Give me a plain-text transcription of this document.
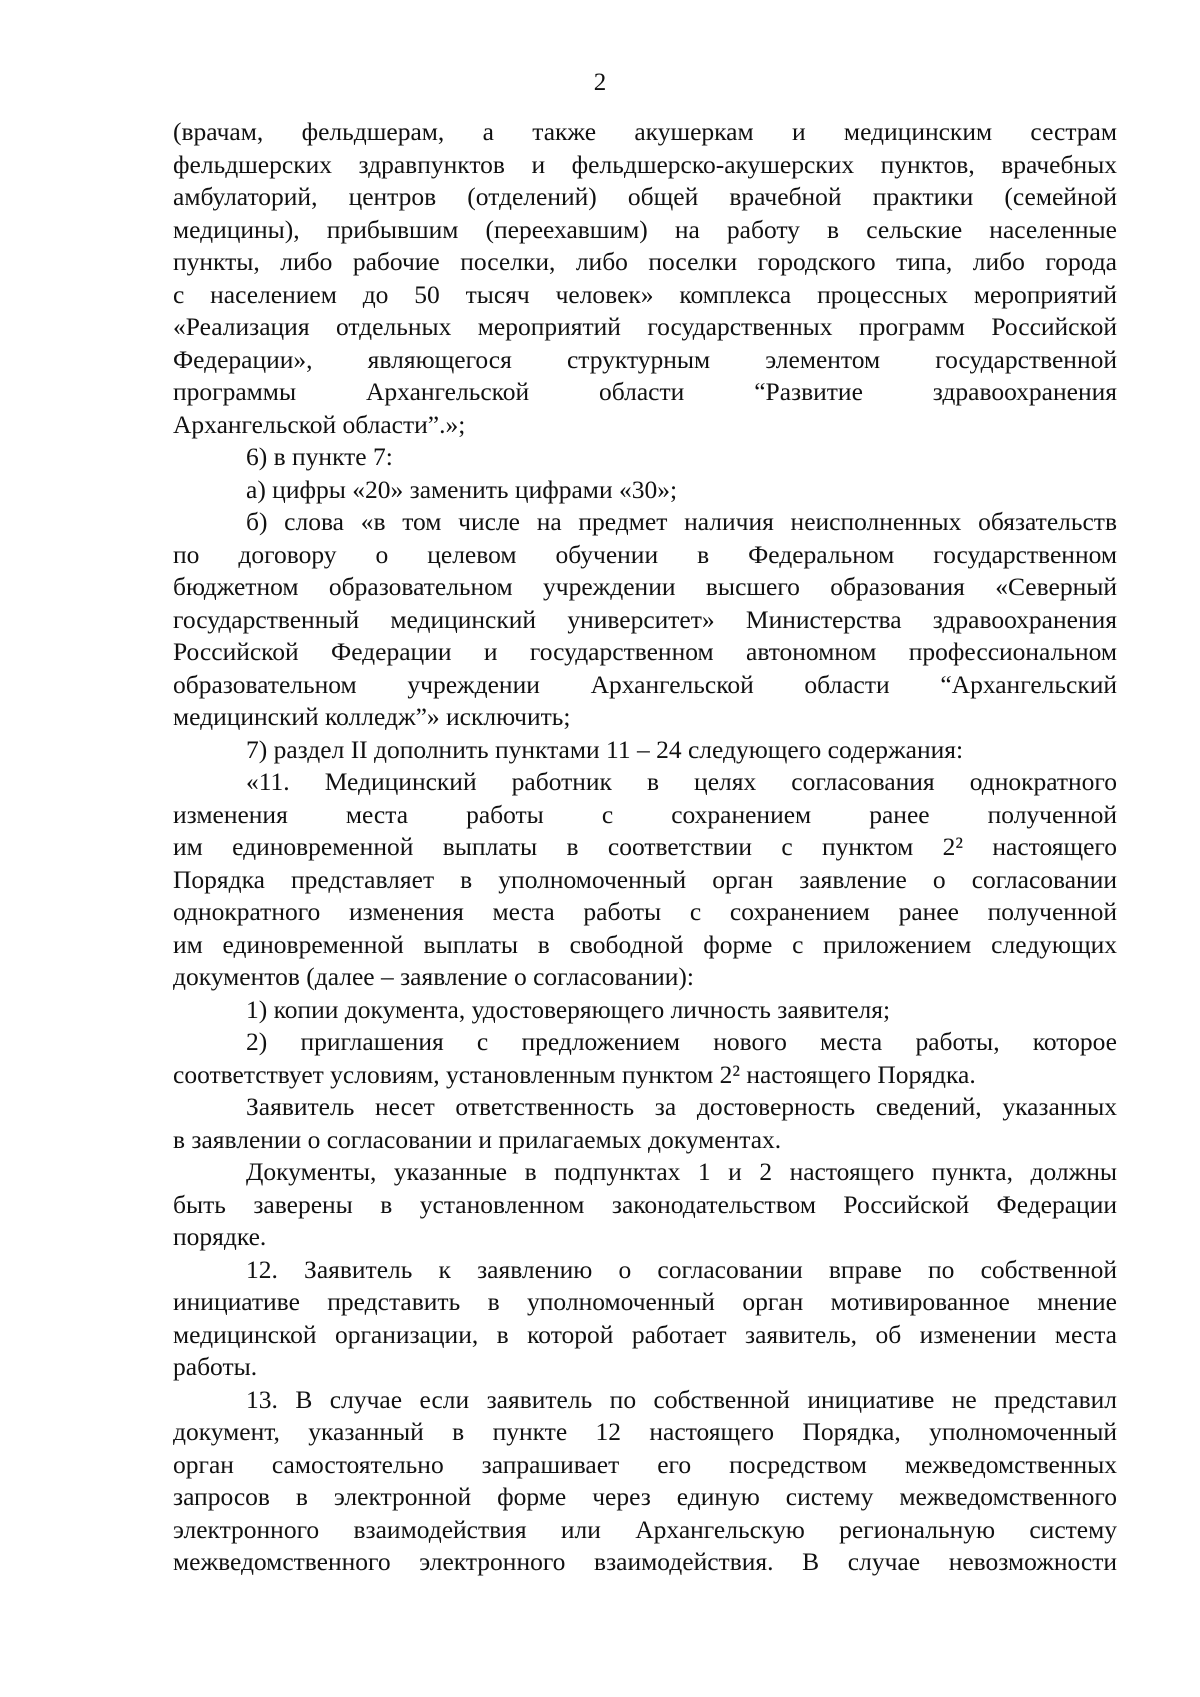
2
(врачам, фельдшерам, а также акушеркам и медицинским сестрам
фельдшерских здравпунктов и фельдшерско-акушерских пунктов, врачебных
амбулаторий, центров (отделений) общей врачебной практики (семейной
медицины), прибывшим (переехавшим) на работу в сельские населенные
пункты, либо рабочие поселки, либо поселки городского типа, либо города
с населением до 50 тысяч человек» комплекса процессных мероприятий
«Реализация отдельных мероприятий государственных программ Российской
Федерации», являющегося структурным элементом государственной
программы Архангельской области “Развитие здравоохранения
Архангельской области”.»;
6) в пункте 7:
а) цифры «20» заменить цифрами «30»;
б) слова «в том числе на предмет наличия неисполненных обязательств
по договору о целевом обучении в Федеральном государственном
бюджетном образовательном учреждении высшего образования «Северный
государственный медицинский университет» Министерства здравоохранения
Российской Федерации и государственном автономном профессиональном
образовательном учреждении Архангельской области “Архангельский
медицинский колледж”» исключить;
7) раздел II дополнить пунктами 11 – 24 следующего содержания:
«11. Медицинский работник в целях согласования однократного
изменения места работы с сохранением ранее полученной
им единовременной выплаты в соответствии с пунктом 2² настоящего
Порядка представляет в уполномоченный орган заявление о согласовании
однократного изменения места работы с сохранением ранее полученной
им единовременной выплаты в свободной форме с приложением следующих
документов (далее – заявление о согласовании):
1) копии документа, удостоверяющего личность заявителя;
2) приглашения с предложением нового места работы, которое
соответствует условиям, установленным пунктом 2² настоящего Порядка.
Заявитель несет ответственность за достоверность сведений, указанных
в заявлении о согласовании и прилагаемых документах.
Документы, указанные в подпунктах 1 и 2 настоящего пункта, должны
быть заверены в установленном законодательством Российской Федерации
порядке.
12. Заявитель к заявлению о согласовании вправе по собственной
инициативе представить в уполномоченный орган мотивированное мнение
медицинской организации, в которой работает заявитель, об изменении места
работы.
13. В случае если заявитель по собственной инициативе не представил
документ, указанный в пункте 12 настоящего Порядка, уполномоченный
орган самостоятельно запрашивает его посредством межведомственных
запросов в электронной форме через единую систему межведомственного
электронного взаимодействия или Архангельскую региональную систему
межведомственного электронного взаимодействия. В случае невозможности
